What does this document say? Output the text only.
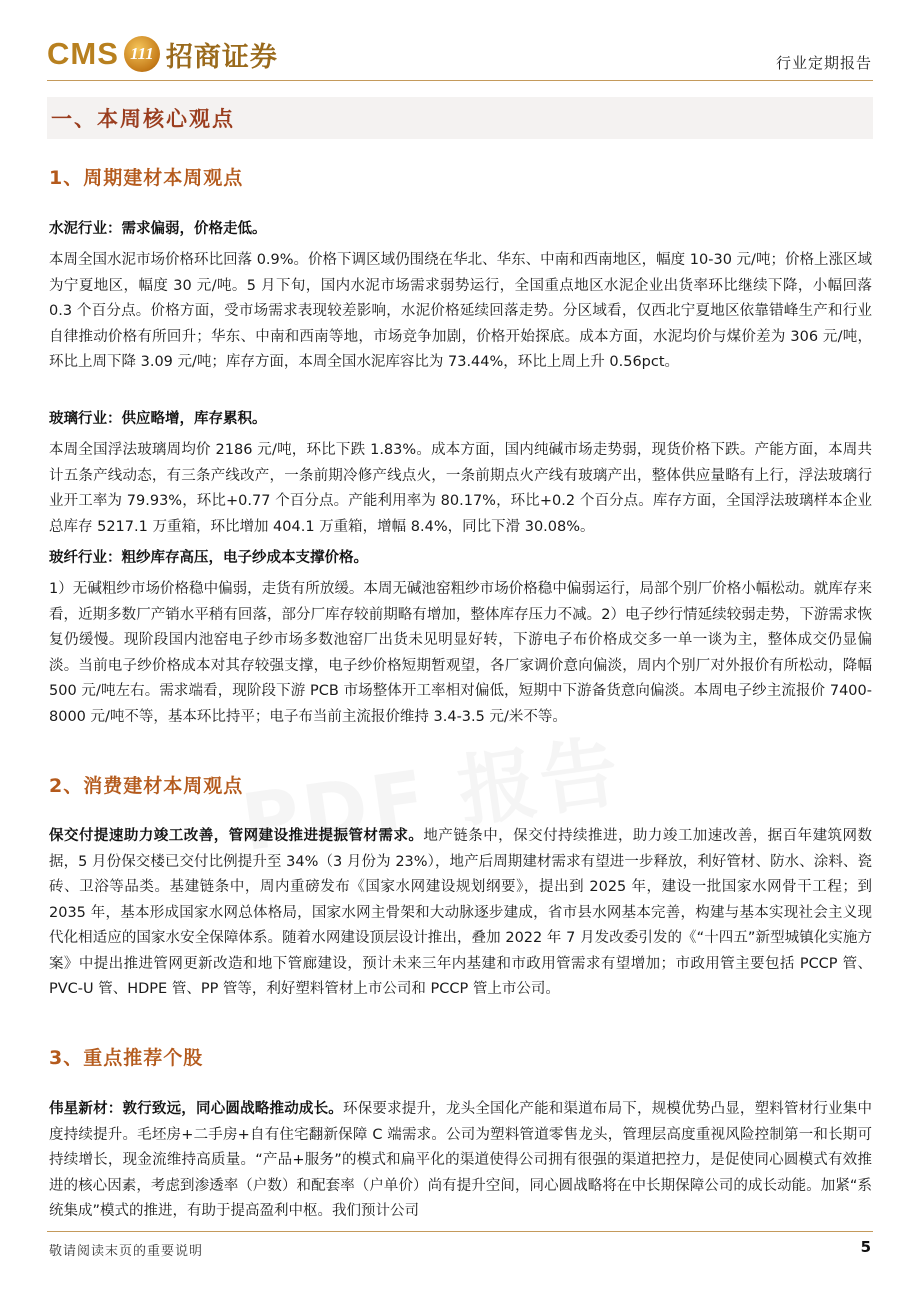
CMS 111 招商证券	行业定期报告
一、本周核心观点
1、周期建材本周观点
水泥行业：需求偏弱，价格走低。
本周全国水泥市场价格环比回落 0.9%。价格下调区域仍围绕在华北、华东、中南和西南地区，幅度 10-30 元/吨；价格上涨区域为宁夏地区，幅度 30 元/吨。5 月下旬，国内水泥市场需求弱势运行，全国重点地区水泥企业出货率环比继续下降，小幅回落 0.3 个百分点。价格方面，受市场需求表现较差影响，水泥价格延续回落走势。分区域看，仅西北宁夏地区依靠错峰生产和行业自律推动价格有所回升；华东、中南和西南等地，市场竞争加剧，价格开始探底。成本方面，水泥均价与煤价差为 306 元/吨，环比上周下降 3.09 元/吨；库存方面，本周全国水泥库容比为 73.44%，环比上周上升 0.56pct。
玻璃行业：供应略增，库存累积。
本周全国浮法玻璃周均价 2186 元/吨，环比下跌 1.83%。成本方面，国内纯碱市场走势弱，现货价格下跌。产能方面，本周共计五条产线动态，有三条产线改产，一条前期冷修产线点火，一条前期点火产线有玻璃产出，整体供应量略有上行，浮法玻璃行业开工率为 79.93%，环比+0.77 个百分点。产能利用率为 80.17%，环比+0.2 个百分点。库存方面，全国浮法玻璃样本企业总库存 5217.1 万重箱，环比增加 404.1 万重箱，增幅 8.4%，同比下滑 30.08%。
玻纤行业：粗纱库存高压，电子纱成本支撑价格。
1）无碱粗纱市场价格稳中偏弱，走货有所放缓。本周无碱池窑粗纱市场价格稳中偏弱运行，局部个别厂价格小幅松动。就库存来看，近期多数厂产销水平稍有回落，部分厂库存较前期略有增加，整体库存压力不减。2）电子纱行情延续较弱走势，下游需求恢复仍缓慢。现阶段国内池窑电子纱市场多数池窑厂出货未见明显好转，下游电子布价格成交多一单一谈为主，整体成交仍显偏淡。当前电子纱价格成本对其存较强支撑，电子纱价格短期暂观望，各厂家调价意向偏淡，周内个别厂对外报价有所松动，降幅 500 元/吨左右。需求端看，现阶段下游 PCB 市场整体开工率相对偏低，短期中下游备货意向偏淡。本周电子纱主流报价 7400-8000 元/吨不等，基本环比持平；电子布当前主流报价维持 3.4-3.5 元/米不等。
2、消费建材本周观点
保交付提速助力竣工改善，管网建设推进提振管材需求。地产链条中，保交付持续推进，助力竣工加速改善，据百年建筑网数据，5 月份保交楼已交付比例提升至 34%（3 月份为 23%），地产后周期建材需求有望进一步释放，利好管材、防水、涂料、瓷砖、卫浴等品类。基建链条中，周内重磅发布《国家水网建设规划纲要》，提出到 2025 年，建设一批国家水网骨干工程；到 2035 年，基本形成国家水网总体格局，国家水网主骨架和大动脉逐步建成，省市县水网基本完善，构建与基本实现社会主义现代化相适应的国家水安全保障体系。随着水网建设顶层设计推出，叠加 2022 年 7 月发改委引发的《“十四五”新型城镇化实施方案》中提出推进管网更新改造和地下管廊建设，预计未来三年内基建和市政用管需求有望增加；市政用管主要包括 PCCP 管、PVC-U 管、HDPE 管、PP 管等，利好塑料管材上市公司和 PCCP 管上市公司。
3、重点推荐个股
伟星新材：敦行致远，同心圆战略推动成长。环保要求提升，龙头全国化产能和渠道布局下，规模优势凸显，塑料管材行业集中度持续提升。毛坯房+二手房+自有住宅翻新保障 C 端需求。公司为塑料管道零售龙头，管理层高度重视风险控制第一和长期可持续增长，现金流维持高质量。“产品+服务”的模式和扁平化的渠道使得公司拥有很强的渠道把控力，是促使同心圆模式有效推进的核心因素，考虑到渗透率（户数）和配套率（户单价）尚有提升空间，同心圆战略将在中长期保障公司的成长动能。加紧“系统集成”模式的推进，有助于提高盈利中枢。我们预计公司
敬请阅读末页的重要说明	5
